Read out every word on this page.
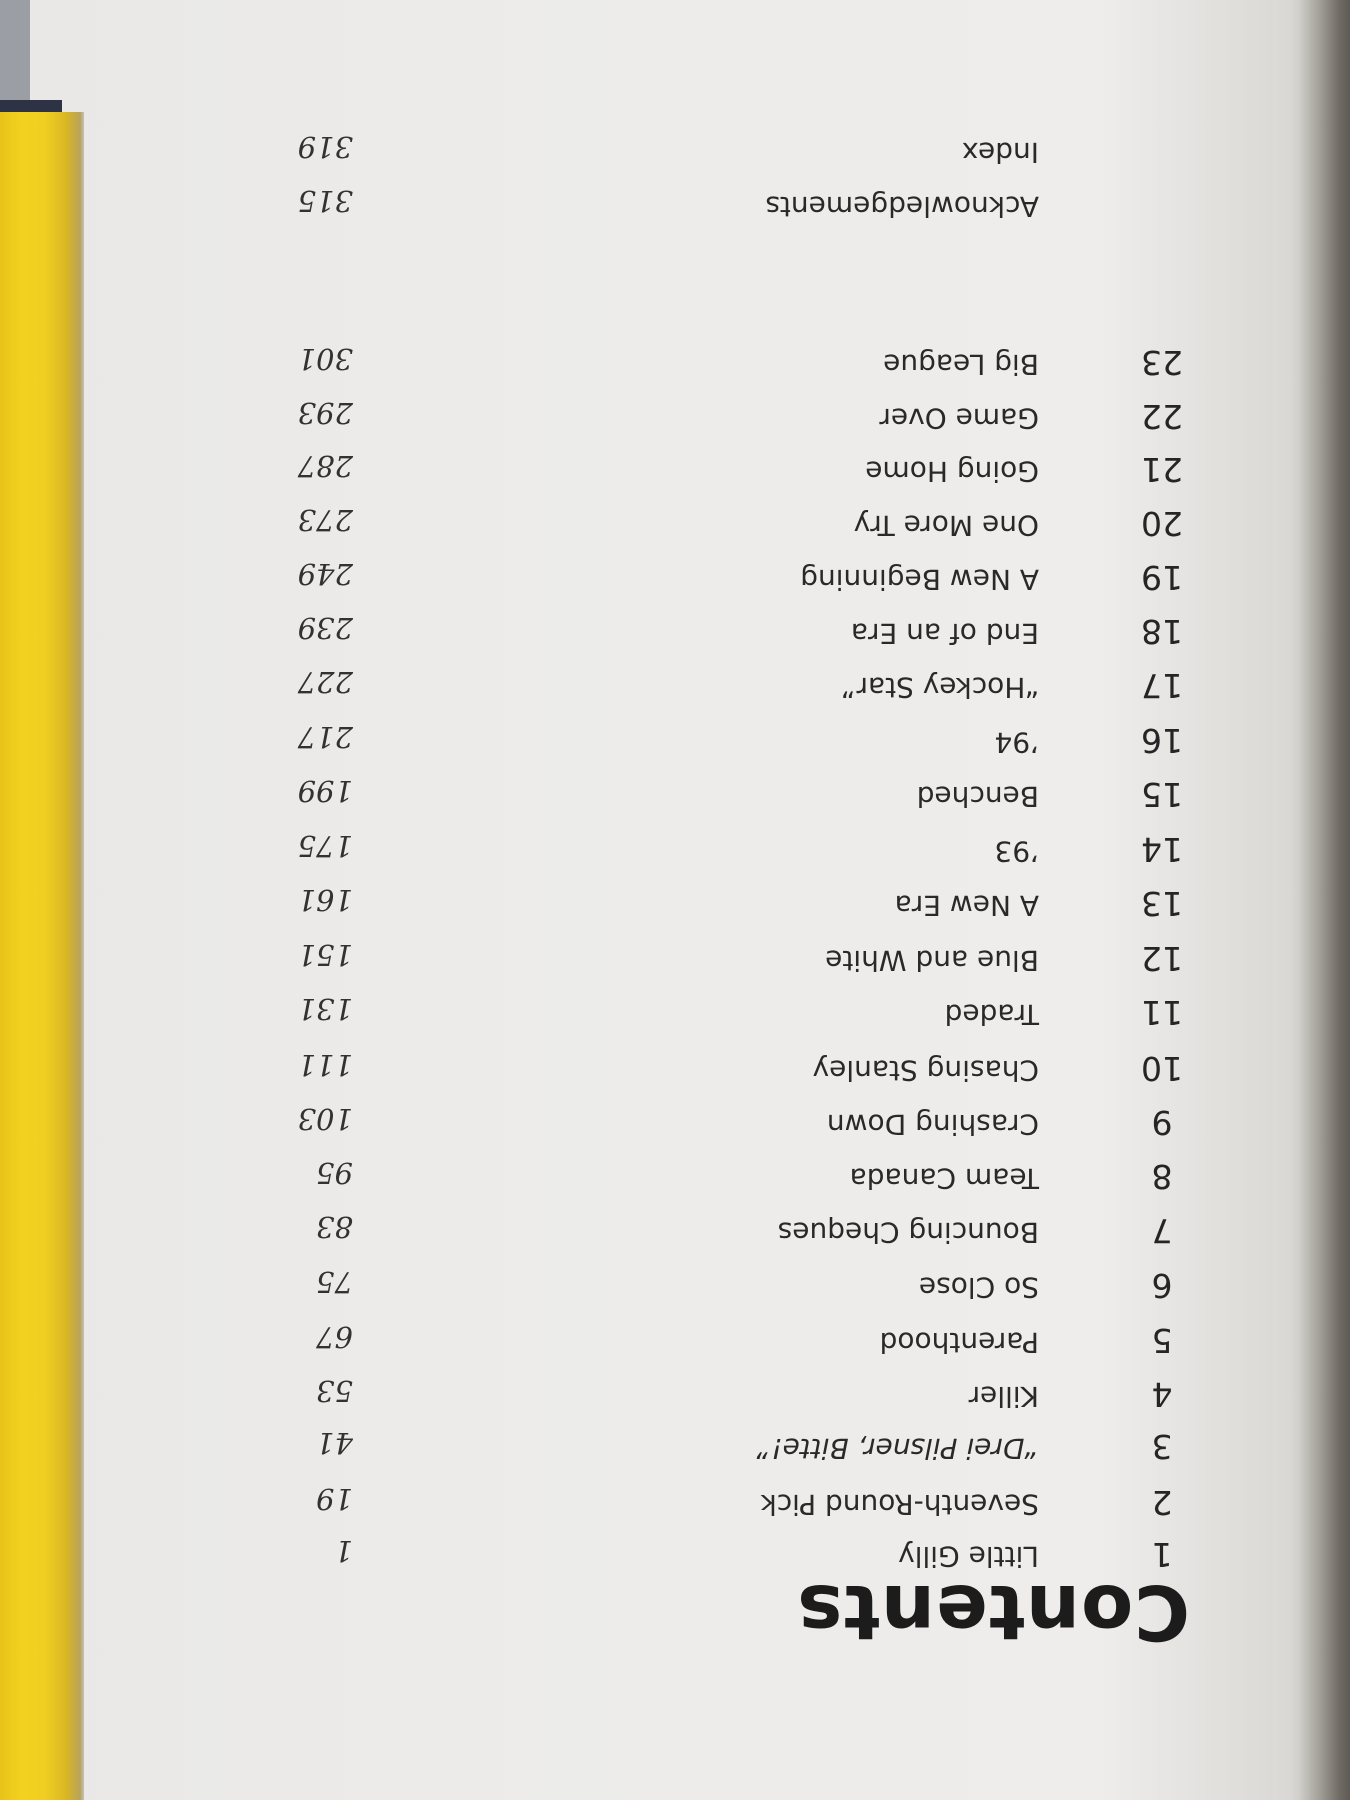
Contents
1
Little Gilly
1
2
Seventh-Round Pick
19
3
“Drei Pilsner, Bitte!”
41
4
Killer
53
5
Parenthood
67
6
So Close
75
7
Bouncing Cheques
83
8
Team Canada
95
9
Crashing Down
103
10
Chasing Stanley
111
11
Traded
131
12
Blue and White
151
13
A New Era
161
14
’93
175
15
Benched
199
16
’94
217
17
“Hockey Star”
227
18
End of an Era
239
19
A New Beginning
249
20
One More Try
273
21
Going Home
287
22
Game Over
293
23
Big League
301
Acknowledgements
315
Index
319
